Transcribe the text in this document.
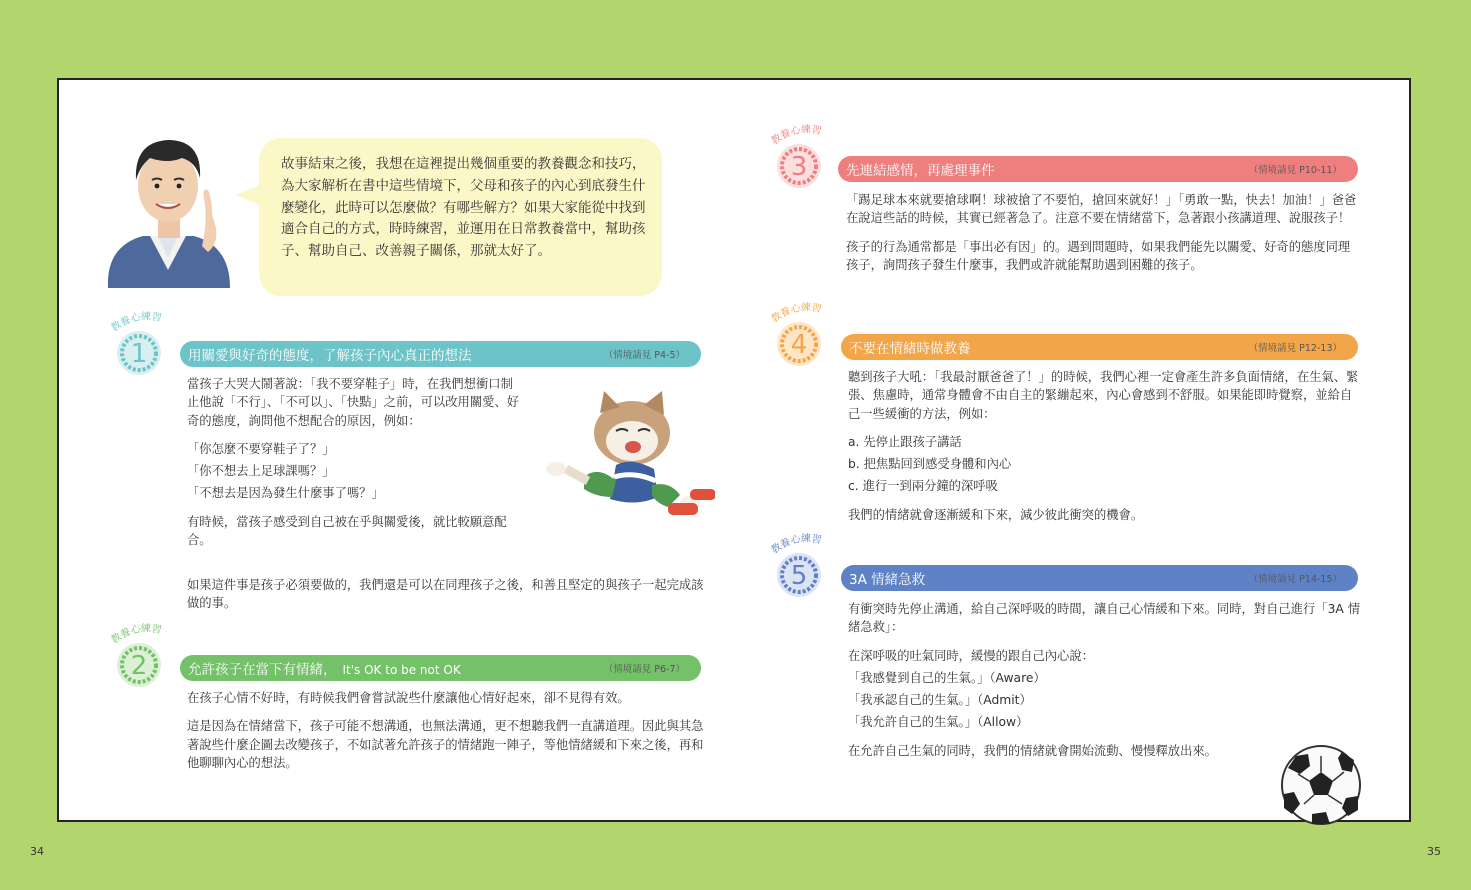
故事結束之後，我想在這裡提出幾個重要的教養觀念和技巧，為大家解析在書中這些情境下，父母和孩子的內心到底發生什麼變化，此時可以怎麼做？有哪些解方？如果大家能從中找到適合自己的方式，時時練習，並運用在日常教養當中，幫助孩子、幫助自己、改善親子關係，那就太好了。
教養心練習
1	用關愛與好奇的態度，了解孩子內心真正的想法	（情境請見 P4-5）

當孩子大哭大鬧著說：「我不要穿鞋子」時，在我們想衝口制止他說「不行」、「不可以」、「快點」之前，可以改用關愛、好奇的態度，詢問他不想配合的原因，例如：

「你怎麼不要穿鞋子了？」

「你不想去上足球課嗎？」

「不想去是因為發生什麼事了嗎？」

有時候，當孩子感受到自己被在乎與關愛後，就比較願意配合。

如果這件事是孩子必須要做的，我們還是可以在同理孩子之後，和善且堅定的與孩子一起完成該做的事。

教養心練習
2	允許孩子在當下有情緒， It's OK to be not OK	（情境請見 P6-7）

在孩子心情不好時，有時候我們會嘗試說些什麼讓他心情好起來，卻不見得有效。

這是因為在情緒當下，孩子可能不想溝通，也無法溝通，更不想聽我們一直講道理。因此與其急著說些什麼企圖去改變孩子，不如試著允許孩子的情緒跑一陣子，等他情緒緩和下來之後，再和他聊聊內心的想法。

教養心練習
3	先連結感情，再處理事件	（情境請見 P10-11）

「踢足球本來就要搶球啊！球被搶了不要怕，搶回來就好！」「勇敢一點，快去！加油！」爸爸在說這些話的時候，其實已經著急了。注意不要在情緒當下，急著跟小孩講道理、說服孩子！

孩子的行為通常都是「事出必有因」的。遇到問題時，如果我們能先以關愛、好奇的態度同理孩子，詢問孩子發生什麼事，我們或許就能幫助遇到困難的孩子。

教養心練習
4	不要在情緒時做教養	（情境請見 P12-13）

聽到孩子大吼：「我最討厭爸爸了！」的時候，我們心裡一定會產生許多負面情緒，在生氣、緊張、焦慮時，通常身體會不由自主的緊繃起來，內心會感到不舒服。如果能即時覺察，並給自己一些緩衝的方法，例如：

a. 先停止跟孩子講話

b. 把焦點回到感受身體和內心

c. 進行一到兩分鐘的深呼吸

我們的情緒就會逐漸緩和下來，減少彼此衝突的機會。

教養心練習
5	3A 情緒急救	（情境請見 P14-15）

有衝突時先停止溝通，給自己深呼吸的時間，讓自己心情緩和下來。同時，對自己進行「3A 情緒急救」：

在深呼吸的吐氣同時，緩慢的跟自己內心說：

「我感覺到自己的生氣。」（Aware）

「我承認自己的生氣。」（Admit）

「我允許自己的生氣。」（Allow）

在允許自己生氣的同時，我們的情緒就會開始流動、慢慢釋放出來。

34	35
